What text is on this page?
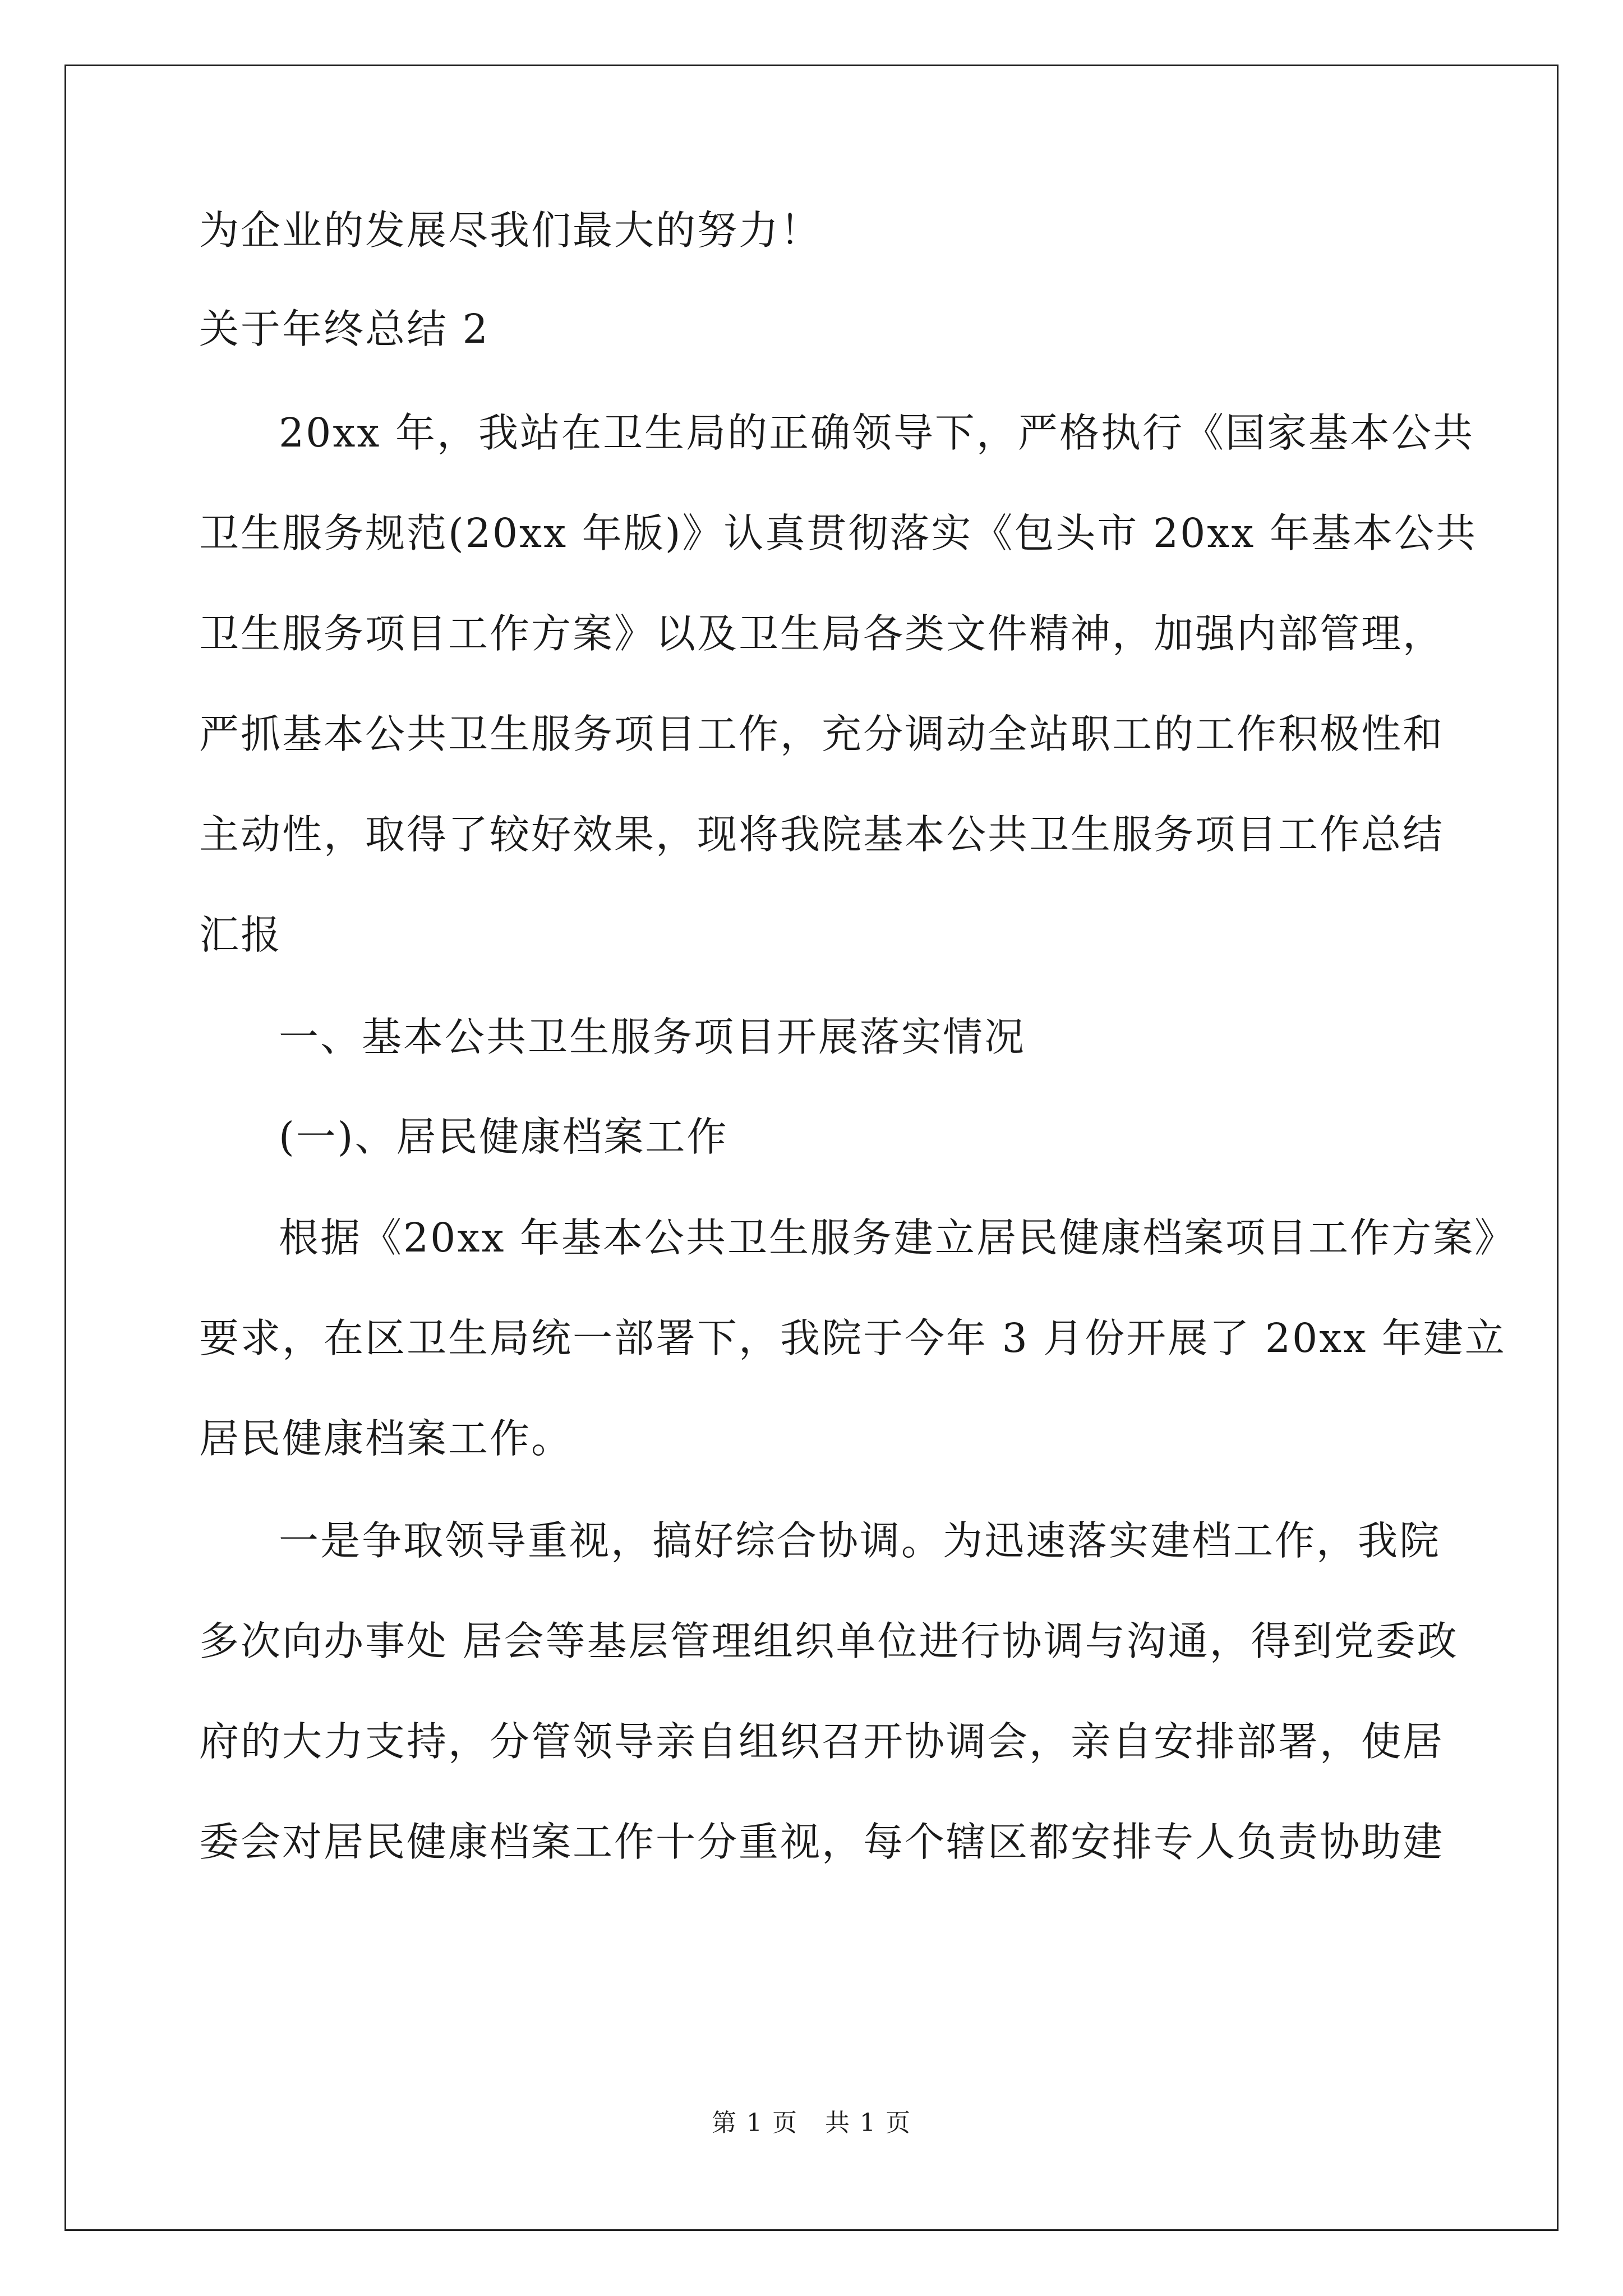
为企业的发展尽我们最大的努力！

关于年终总结 2

20xx 年，我站在卫生局的正确领导下，严格执行《国家基本公共

卫生服务规范(20xx 年版)》认真贯彻落实《包头市 20xx 年基本公共

卫生服务项目工作方案》以及卫生局各类文件精神，加强内部管理，

严抓基本公共卫生服务项目工作，充分调动全站职工的工作积极性和

主动性，取得了较好效果，现将我院基本公共卫生服务项目工作总结

汇报

一、基本公共卫生服务项目开展落实情况

(一)、居民健康档案工作

根据《20xx 年基本公共卫生服务建立居民健康档案项目工作方案》

要求，在区卫生局统一部署下，我院于今年 3 月份开展了 20xx 年建立

居民健康档案工作。

一是争取领导重视，搞好综合协调。为迅速落实建档工作，我院

多次向办事处 居会等基层管理组织单位进行协调与沟通，得到党委政

府的大力支持，分管领导亲自组织召开协调会，亲自安排部署，使居

委会对居民健康档案工作十分重视，每个辖区都安排专人负责协助建

第 1 页 共 1 页
